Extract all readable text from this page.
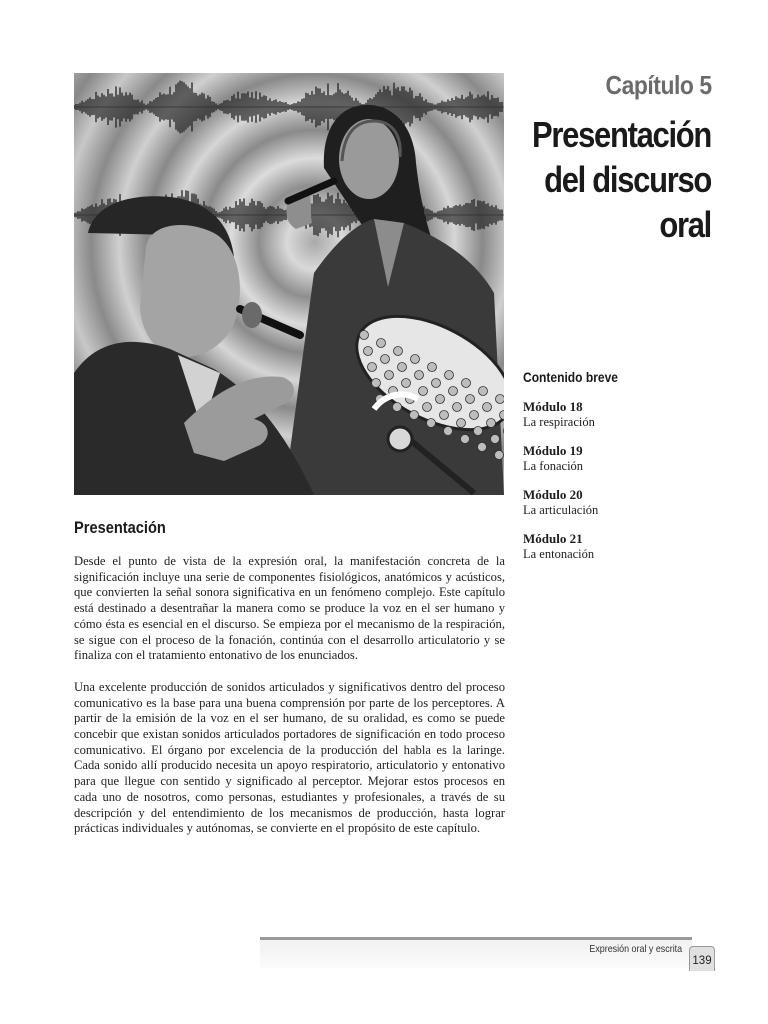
Capítulo 5
Presentación
del discurso
oral
Contenido breve
Módulo 18
La respiración
Módulo 19
La fonación
Módulo 20
La articulación
Módulo 21
La entonación
Presentación

Desde el punto de vista de la expresión oral, la manifestación concreta de la significación incluye una serie de componentes fisiológicos, anatómicos y acústicos, que convierten la señal sonora significativa en un fenómeno complejo. Este capítulo está destinado a desentrañar la manera como se produce la voz en el ser humano y cómo ésta es esencial en el discurso. Se empieza por el mecanismo de la respiración, se sigue con el proceso de la fonación, continúa con el desarrollo articulatorio y se finaliza con el tratamiento entonativo de los enunciados.

Una excelente producción de sonidos articulados y significativos dentro del proceso comunicativo es la base para una buena comprensión por parte de los perceptores. A partir de la emisión de la voz en el ser humano, de su oralidad, es como se puede concebir que existan sonidos articulados portadores de significación en todo proceso comunicativo. El órgano por excelencia de la producción del habla es la laringe. Cada sonido allí producido necesita un apoyo respiratorio, articulatorio y entonativo para que llegue con sentido y significado al perceptor. Mejorar estos procesos en cada uno de nosotros, como personas, estudiantes y profesionales, a través de su descripción y del entendimiento de los mecanismos de producción, hasta lograr prácticas individuales y autónomas, se convierte en el propósito de este capítulo.

Expresión oral y escrita
139
